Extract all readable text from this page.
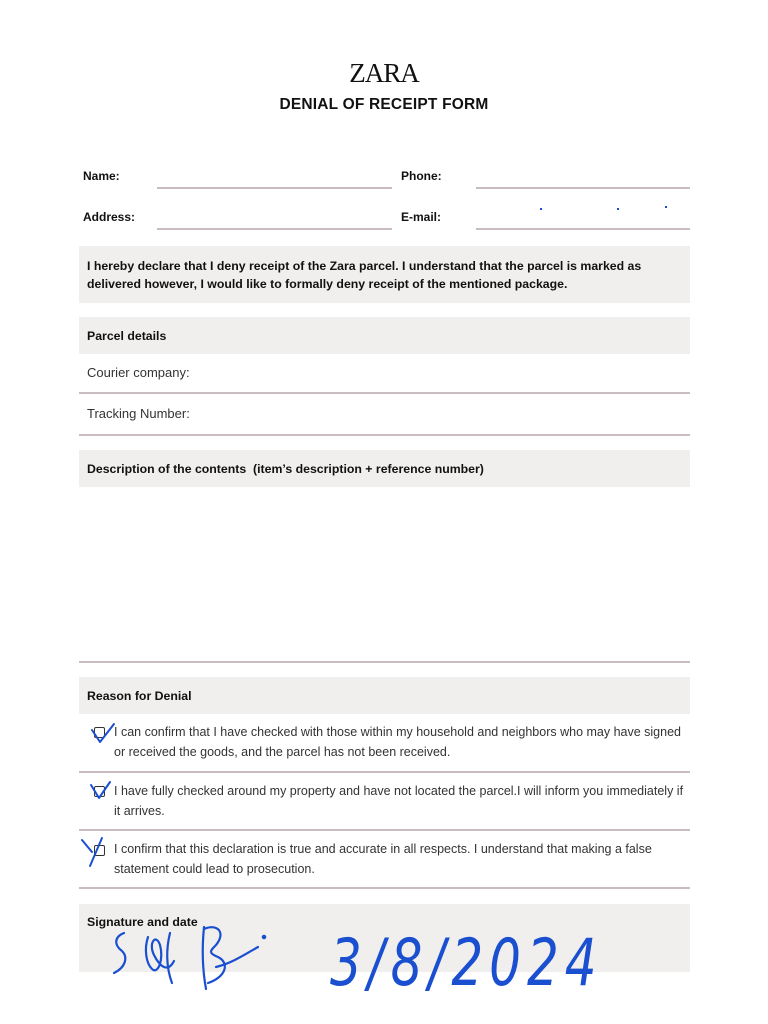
ZARA
DENIAL OF RECEIPT FORM
Name:	Phone:
Address:	E-mail:
I hereby declare that I deny receipt of the Zara parcel. I understand that the parcel is marked as delivered however, I would like to formally deny receipt of the mentioned package.
Parcel details
Courier company:
Tracking Number:
Description of the contents  (item’s description + reference number)
Reason for Denial
I can confirm that I have checked with those within my household and neighbors who may have signed or received the goods, and the parcel has not been received.
I have fully checked around my property and have not located the parcel.I will inform you immediately if it arrives.
I confirm that this declaration is true and accurate in all respects. I understand that making a false statement could lead to prosecution.
Signature and date
3/8/2024
